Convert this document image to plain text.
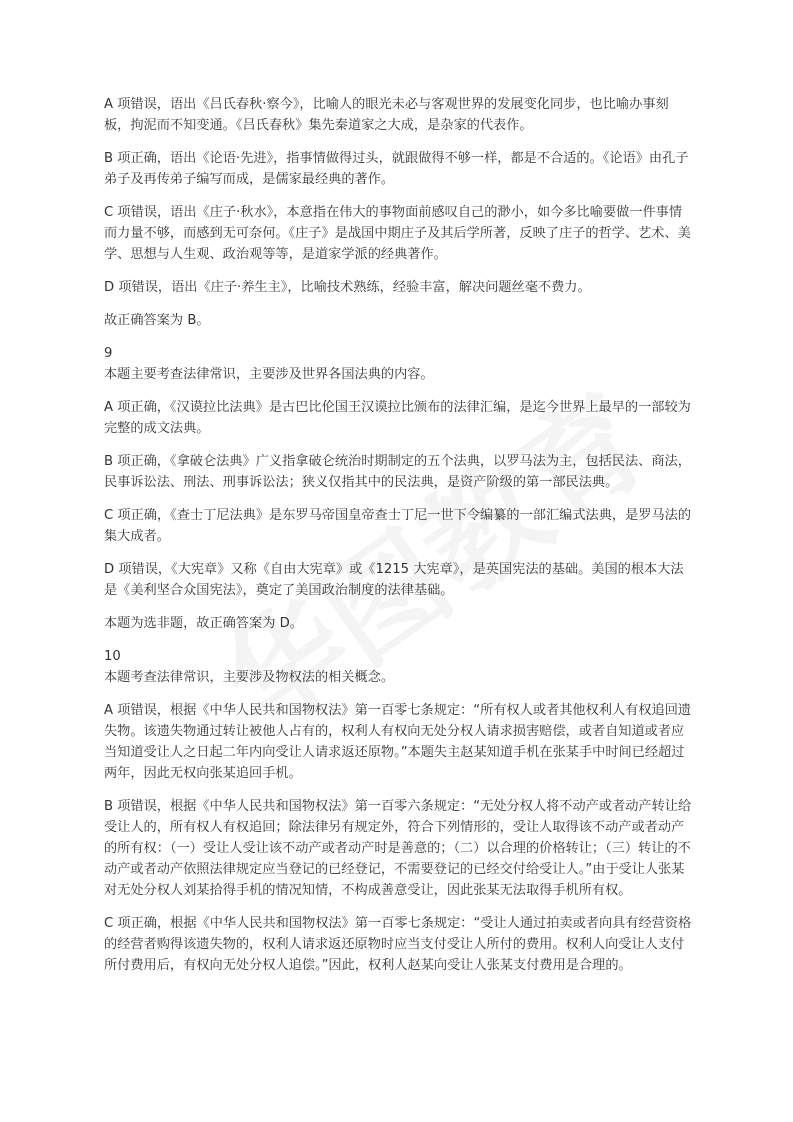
A 项错误，语出《吕氏春秋·察今》，比喻人的眼光未必与客观世界的发展变化同步，也比喻办事刻板，拘泥而不知变通。《吕氏春秋》集先秦道家之大成，是杂家的代表作。

B 项正确，语出《论语·先进》，指事情做得过头，就跟做得不够一样，都是不合适的。《论语》由孔子弟子及再传弟子编写而成，是儒家最经典的著作。

C 项错误，语出《庄子·秋水》，本意指在伟大的事物面前感叹自己的渺小，如今多比喻要做一件事情而力量不够，而感到无可奈何。《庄子》是战国中期庄子及其后学所著，反映了庄子的哲学、艺术、美学、思想与人生观、政治观等等，是道家学派的经典著作。

D 项错误，语出《庄子·养生主》，比喻技术熟练，经验丰富，解决问题丝毫不费力。

故正确答案为 B。

9

本题主要考查法律常识，主要涉及世界各国法典的内容。

A 项正确，《汉谟拉比法典》是古巴比伦国王汉谟拉比颁布的法律汇编，是迄今世界上最早的一部较为完整的成文法典。

B 项正确，《拿破仑法典》广义指拿破仑统治时期制定的五个法典，以罗马法为主，包括民法、商法，民事诉讼法、刑法、刑事诉讼法；狭义仅指其中的民法典，是资产阶级的第一部民法典。

C 项正确，《查士丁尼法典》是东罗马帝国皇帝查士丁尼一世下令编纂的一部汇编式法典，是罗马法的集大成者。

D 项错误，《大宪章》又称《自由大宪章》或《1215 大宪章》，是英国宪法的基础。美国的根本大法是《美利坚合众国宪法》，奠定了美国政治制度的法律基础。

本题为选非题，故正确答案为 D。

10

本题考查法律常识，主要涉及物权法的相关概念。

A 项错误，根据《中华人民共和国物权法》第一百零七条规定：“所有权人或者其他权利人有权追回遗失物。该遗失物通过转让被他人占有的，权利人有权向无处分权人请求损害赔偿，或者自知道或者应当知道受让人之日起二年内向受让人请求返还原物。”本题失主赵某知道手机在张某手中时间已经超过两年，因此无权向张某追回手机。

B 项错误，根据《中华人民共和国物权法》第一百零六条规定：“无处分权人将不动产或者动产转让给受让人的，所有权人有权追回；除法律另有规定外，符合下列情形的，受让人取得该不动产或者动产的所有权：（一）受让人受让该不动产或者动产时是善意的；（二）以合理的价格转让；（三）转让的不动产或者动产依照法律规定应当登记的已经登记，不需要登记的已经交付给受让人。”由于受让人张某对无处分权人刘某拾得手机的情况知情，不构成善意受让，因此张某无法取得手机所有权。

C 项正确，根据《中华人民共和国物权法》第一百零七条规定：“受让人通过拍卖或者向具有经营资格的经营者购得该遗失物的，权利人请求返还原物时应当支付受让人所付的费用。权利人向受让人支付所付费用后，有权向无处分权人追偿。”因此，权利人赵某向受让人张某支付费用是合理的。
